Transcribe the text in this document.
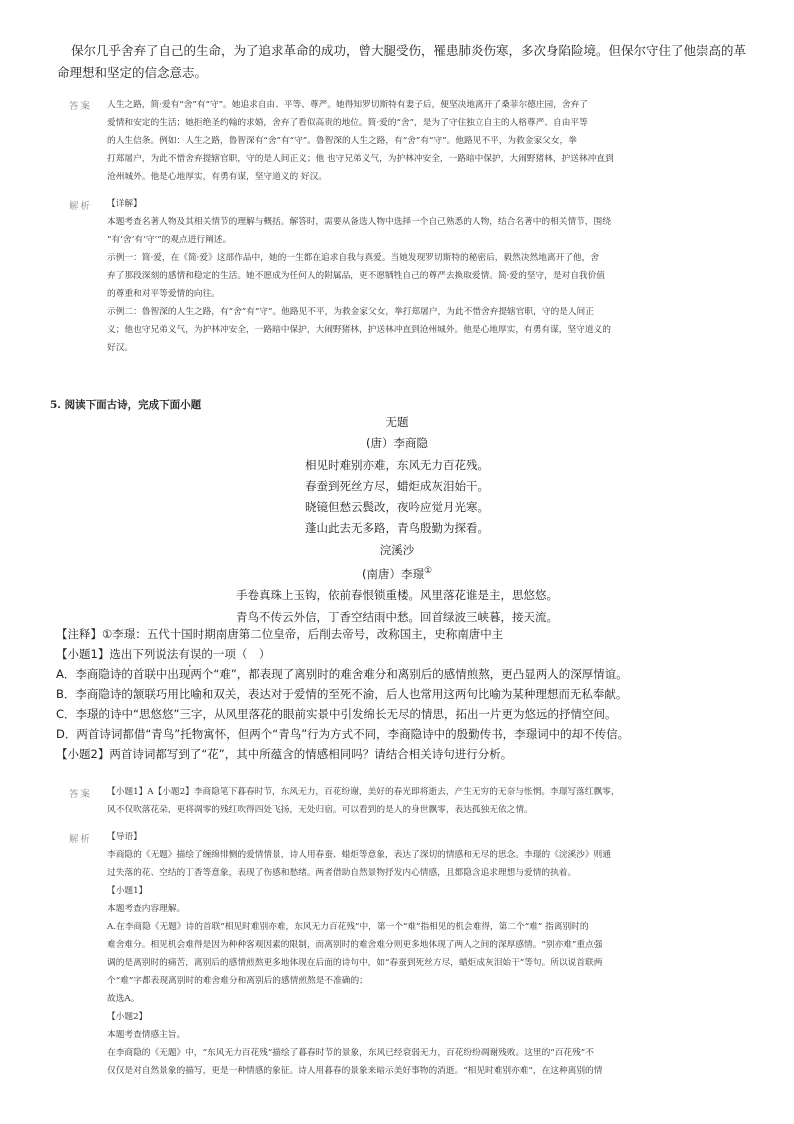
保尔几乎舍弃了自己的生命，为了追求革命的成功，曾大腿受伤，罹患肺炎伤寒，多次身陷险境。但保尔守住了他崇高的革命理想和坚定的信念意志。
答案 人生之路，简·爱有“舍”有“守”。她追求自由、平等、尊严。她得知罗切斯特有妻子后，便坚决地离开了桑菲尔德庄园，舍弃了

爱情和安定的生活；她拒绝圣约翰的求婚，舍弃了看似高贵的地位。简·爱的“舍”，是为了守住独立自主的人格尊严、自由平等

的人生信条。例如：人生之路，鲁智深有“舍”有“守”。鲁智深的人生之路，有“舍”有“守”。他路见不平，为救金家父女，拳

打郑屠户，为此不惜舍弃提辖官职，守的是人间正义；他 也守兄弟义气，为护林冲安全，一路暗中保护，大闹野猪林，护送林冲直到

沧州城外。他是心地厚实，有勇有谋，坚守道义的 好汉。

解析 【详解】

本题考查名著人物及其相关情节的理解与概括。解答时，需要从备选人物中选择一个自己熟悉的人物，结合名著中的相关情节，围绕

“有‘舍’有‘守’”的观点进行阐述。

示例一：简·爱，在《简·爱》这部作品中，她的一生都在追求自我与真爱。当她发现罗切斯特的秘密后，毅然决然地离开了他，舍

弃了那段深刻的感情和稳定的生活。她不愿成为任何人的附属品，更不愿牺牲自己的尊严去换取爱情。简·爱的坚守，是对自我价值

的尊重和对平等爱情的向往。

示例二：鲁智深的人生之路，有“舍”有“守”。他路见不平，为救金家父女，拳打郑屠户，为此不惜舍弃提辖官职，守的是人间正

义；他也守兄弟义气，为护林冲安全，一路暗中保护，大闹野猪林，护送林冲直到沧州城外。他是心地厚实，有勇有谋，坚守道义的

好汉。

5. 阅读下面古诗，完成下面小题
无题
(唐）李商隐
相见时难别亦难，东风无力百花残。
春蚕到死丝方尽，蜡炬成灰泪始干。
晓镜但愁云鬓改，夜吟应觉月光寒。
蓬山此去无多路，青鸟殷勤为探看。
浣溪沙
(南唐）李璟①
手卷真珠上玉钩，依前春恨锁重楼。风里落花谁是主，思悠悠。
青鸟不传云外信，丁香空结雨中愁。回首绿波三峡暮，接天流。

【注释】①李璟：五代十国时期南唐第二位皇帝，后削去帝号，改称国主，史称南唐中主

【小题1】选出下列说法有误的一项（　）

A．李商隐诗的首联中出现两个“难”，都表现了离别时的难舍难分和离别后的感情煎熬，更凸显两人的深厚情谊。

B．李商隐诗的颔联巧用比喻和双关，表达对于爱情的至死不渝，后人也常用这两句比喻为某种理想而无私奉献。

C．李璟的诗中“思悠悠”三字，从风里落花的眼前实景中引发绵长无尽的情思，拓出一片更为悠远的抒情空间。

D．两首诗词都借“青鸟”托物寓怀，但两个“青鸟”行为方式不同，李商隐诗中的殷勤传书，李璟词中的却不传信。

【小题2】两首诗词都写到了“花”，其中所蕴含的情感相同吗？请结合相关诗句进行分析。

答案 【小题1】A【小题2】李商隐笔下暮春时节，东风无力，百花纷谢，美好的春光即将逝去，产生无穷的无奈与怅惘。李璟写落红飘零，

风不仅吹落花朵，更将凋零的残红吹得四处飞扬，无处归宿。可以看到的是人的身世飘零，表达孤独无依之情。

解析 【导语】

李商隐的《无题》描绘了缠绵悱恻的爱情情景，诗人用春蚕、蜡炬等意象，表达了深切的情感和无尽的思念。李璟的《浣溪沙》则通

过失落的花、空结的丁香等意象，表现了伤感和愁绪。两者借助自然景物抒发内心情感，且都隐含追求理想与爱情的执着。

【小题1】

本题考查内容理解。

A.在李商隐《无题》诗的首联“相见时难别亦难，东风无力百花残”中，第一个“难”指相见的机会难得，第二个“难” 指离别时的

难舍难分。相见机会难得是因为种种客观因素的限制，而离别时的难舍难分则更多地体现了两人之间的深厚感情。“别亦难”重点强

调的是离别时的痛苦，离别后的感情煎熬更多地体现在后面的诗句中，如“春蚕到死丝方尽，蜡炬成灰泪始干”等句。所以说首联两

个“难”字都表现离别时的难舍难分和离别后的感情煎熬是不准确的；

故选A。

【小题2】

本题考查情感主旨。

在李商隐的《无题》中，“东风无力百花残”描绘了暮春时节的景象，东风已经衰弱无力，百花纷纷凋谢残败。这里的“百花残”不

仅仅是对自然景象的描写，更是一种情感的象征。诗人用暮春的景象来暗示美好事物的消逝。“相见时难别亦难”，在这种离别的情
